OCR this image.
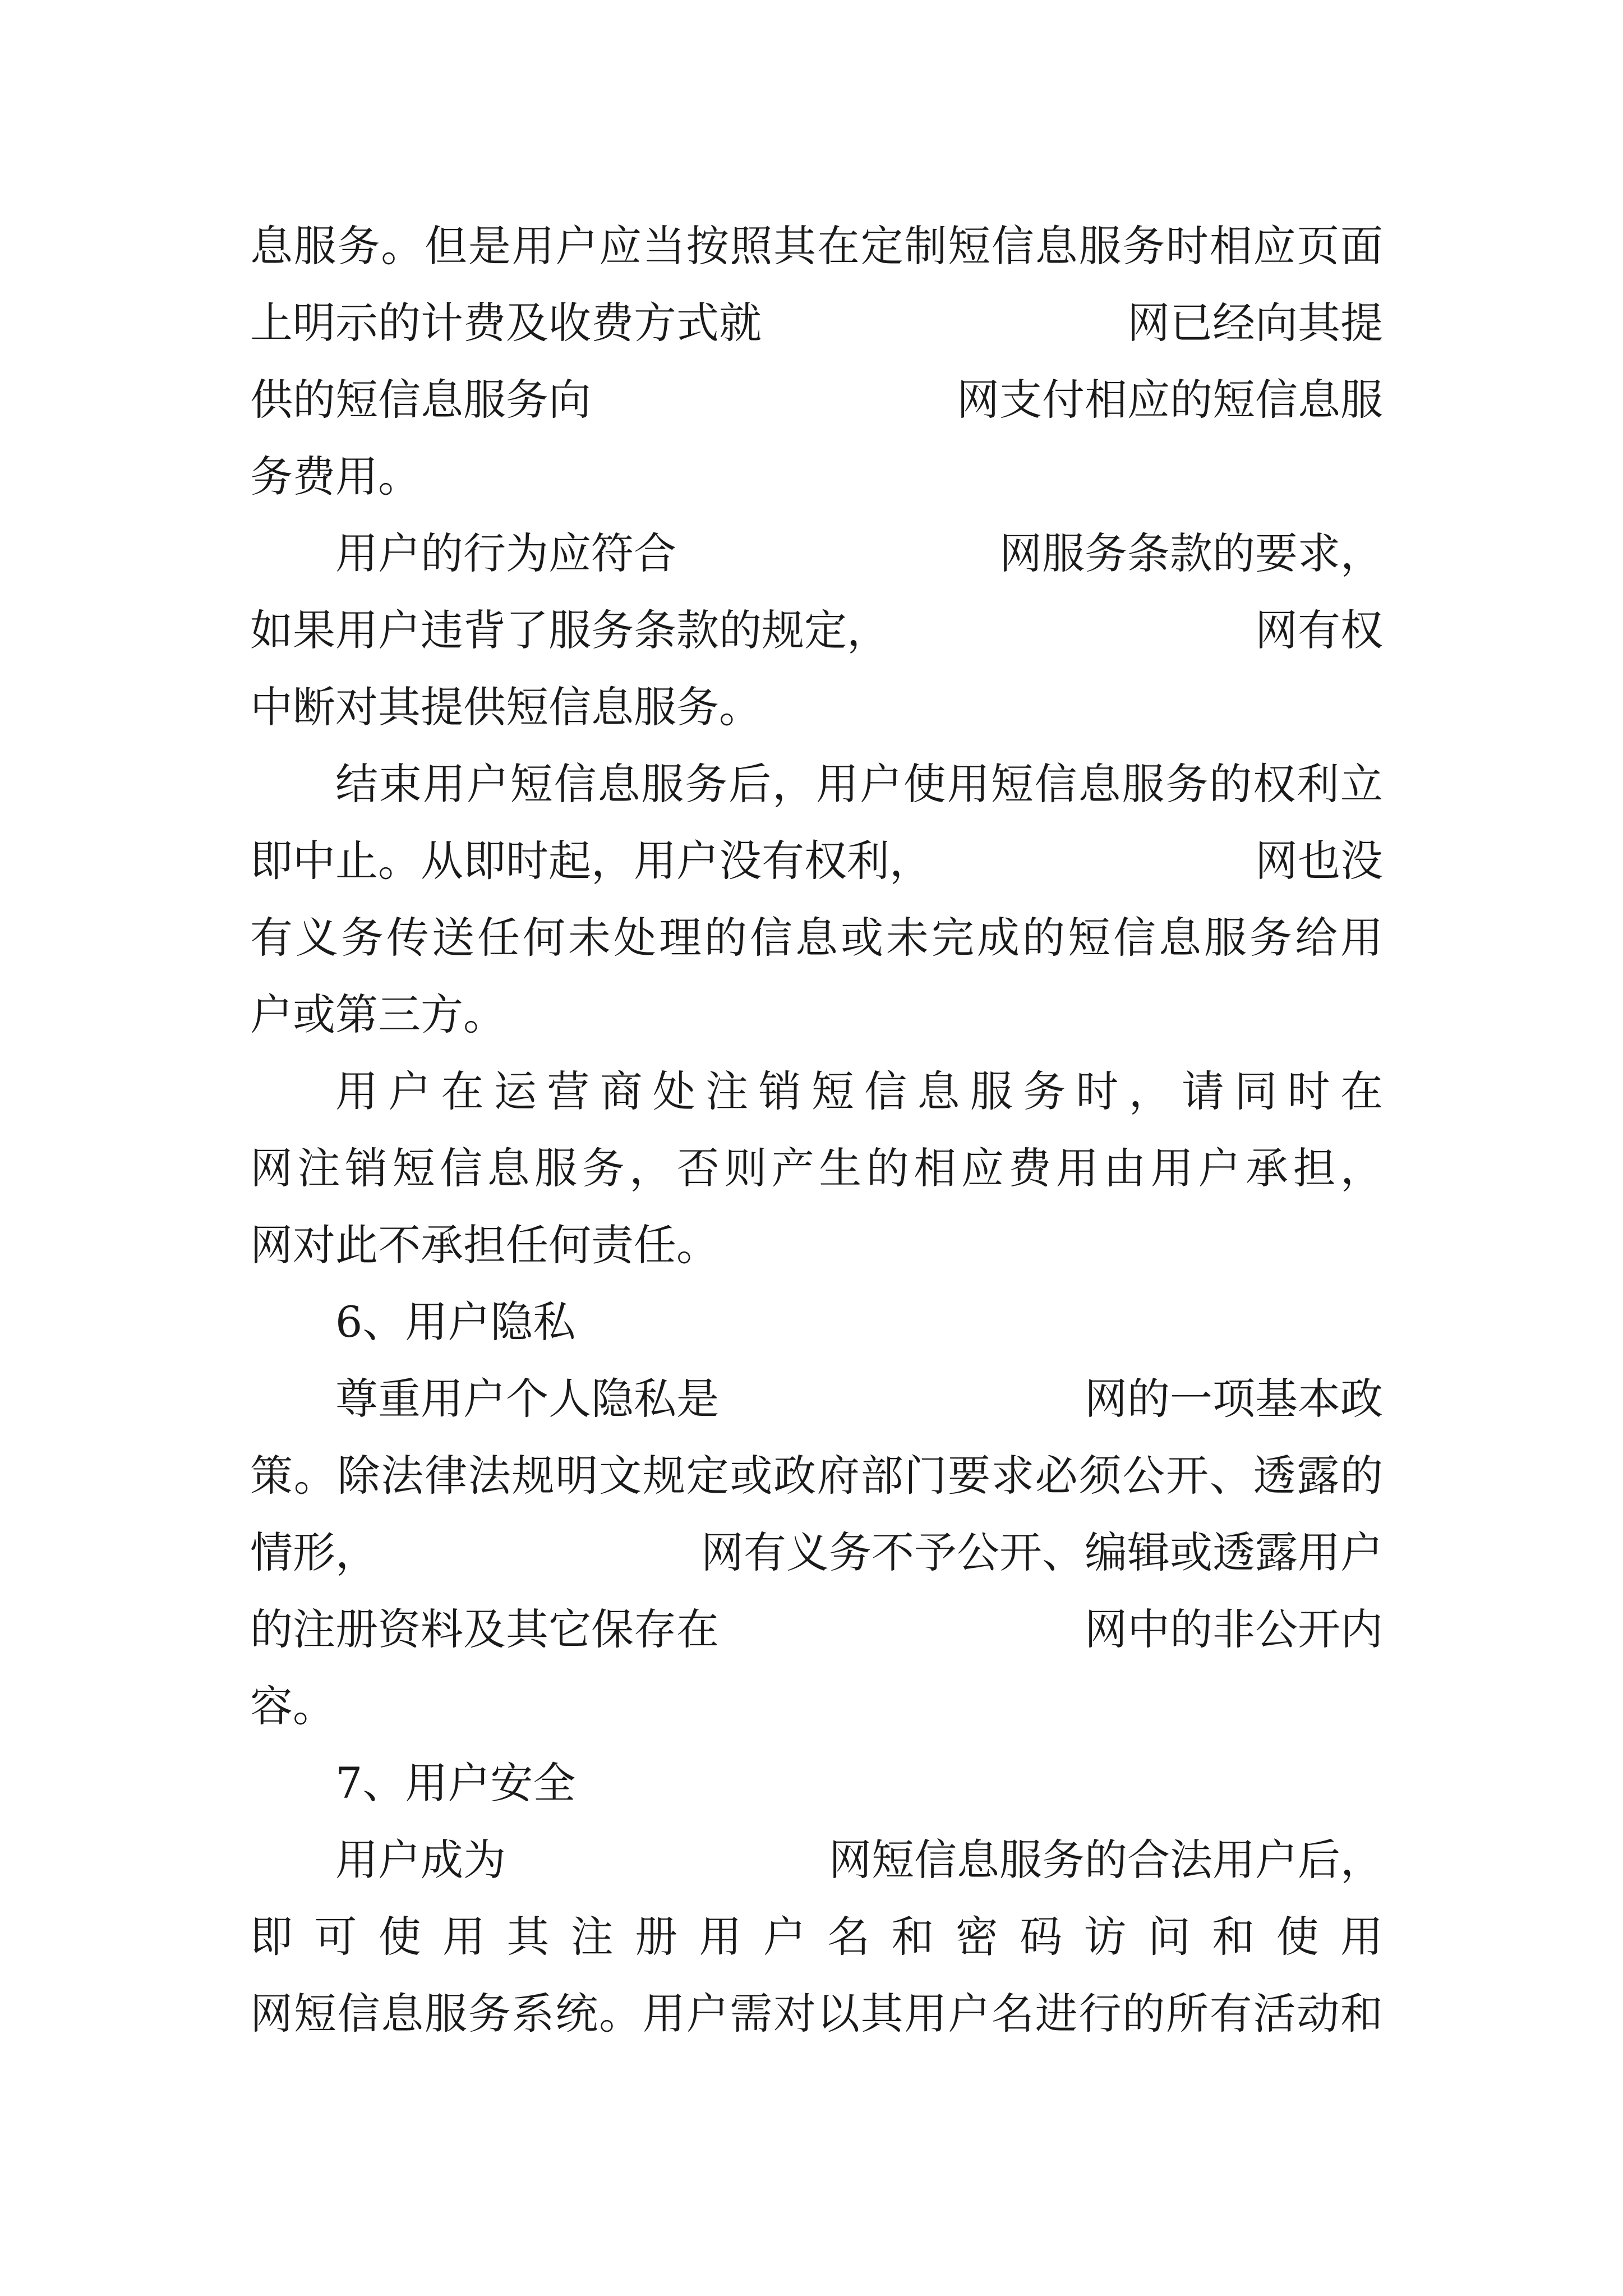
息服务。但是用户应当按照其在定制短信息服务时相应页面
上明示的计费及收费方式就	网已经向其提
供的短信息服务向	网支付相应的短信息服
务费用。
用户的行为应符合	网服务条款的要求，
如果用户违背了服务条款的规定，	网有权
中断对其提供短信息服务。
结束用户短信息服务后，用户使用短信息服务的权利立
即中止。从即时起，用户没有权利，	网也没
有义务传送任何未处理的信息或未完成的短信息服务给用
户或第三方。
用户在运营商处注销短信息服务时，请同时在
网注销短信息服务，否则产生的相应费用由用户承担，
网对此不承担任何责任。
6、用户隐私
尊重用户个人隐私是	网的一项基本政
策。除法律法规明文规定或政府部门要求必须公开、透露的
情形，	网有义务不予公开、编辑或透露用户
的注册资料及其它保存在	网中的非公开内
容。
7、用户安全
用户成为	网短信息服务的合法用户后，
即可使用其注册用户名和密码访问和使用
网短信息服务系统。用户需对以其用户名进行的所有活动和
